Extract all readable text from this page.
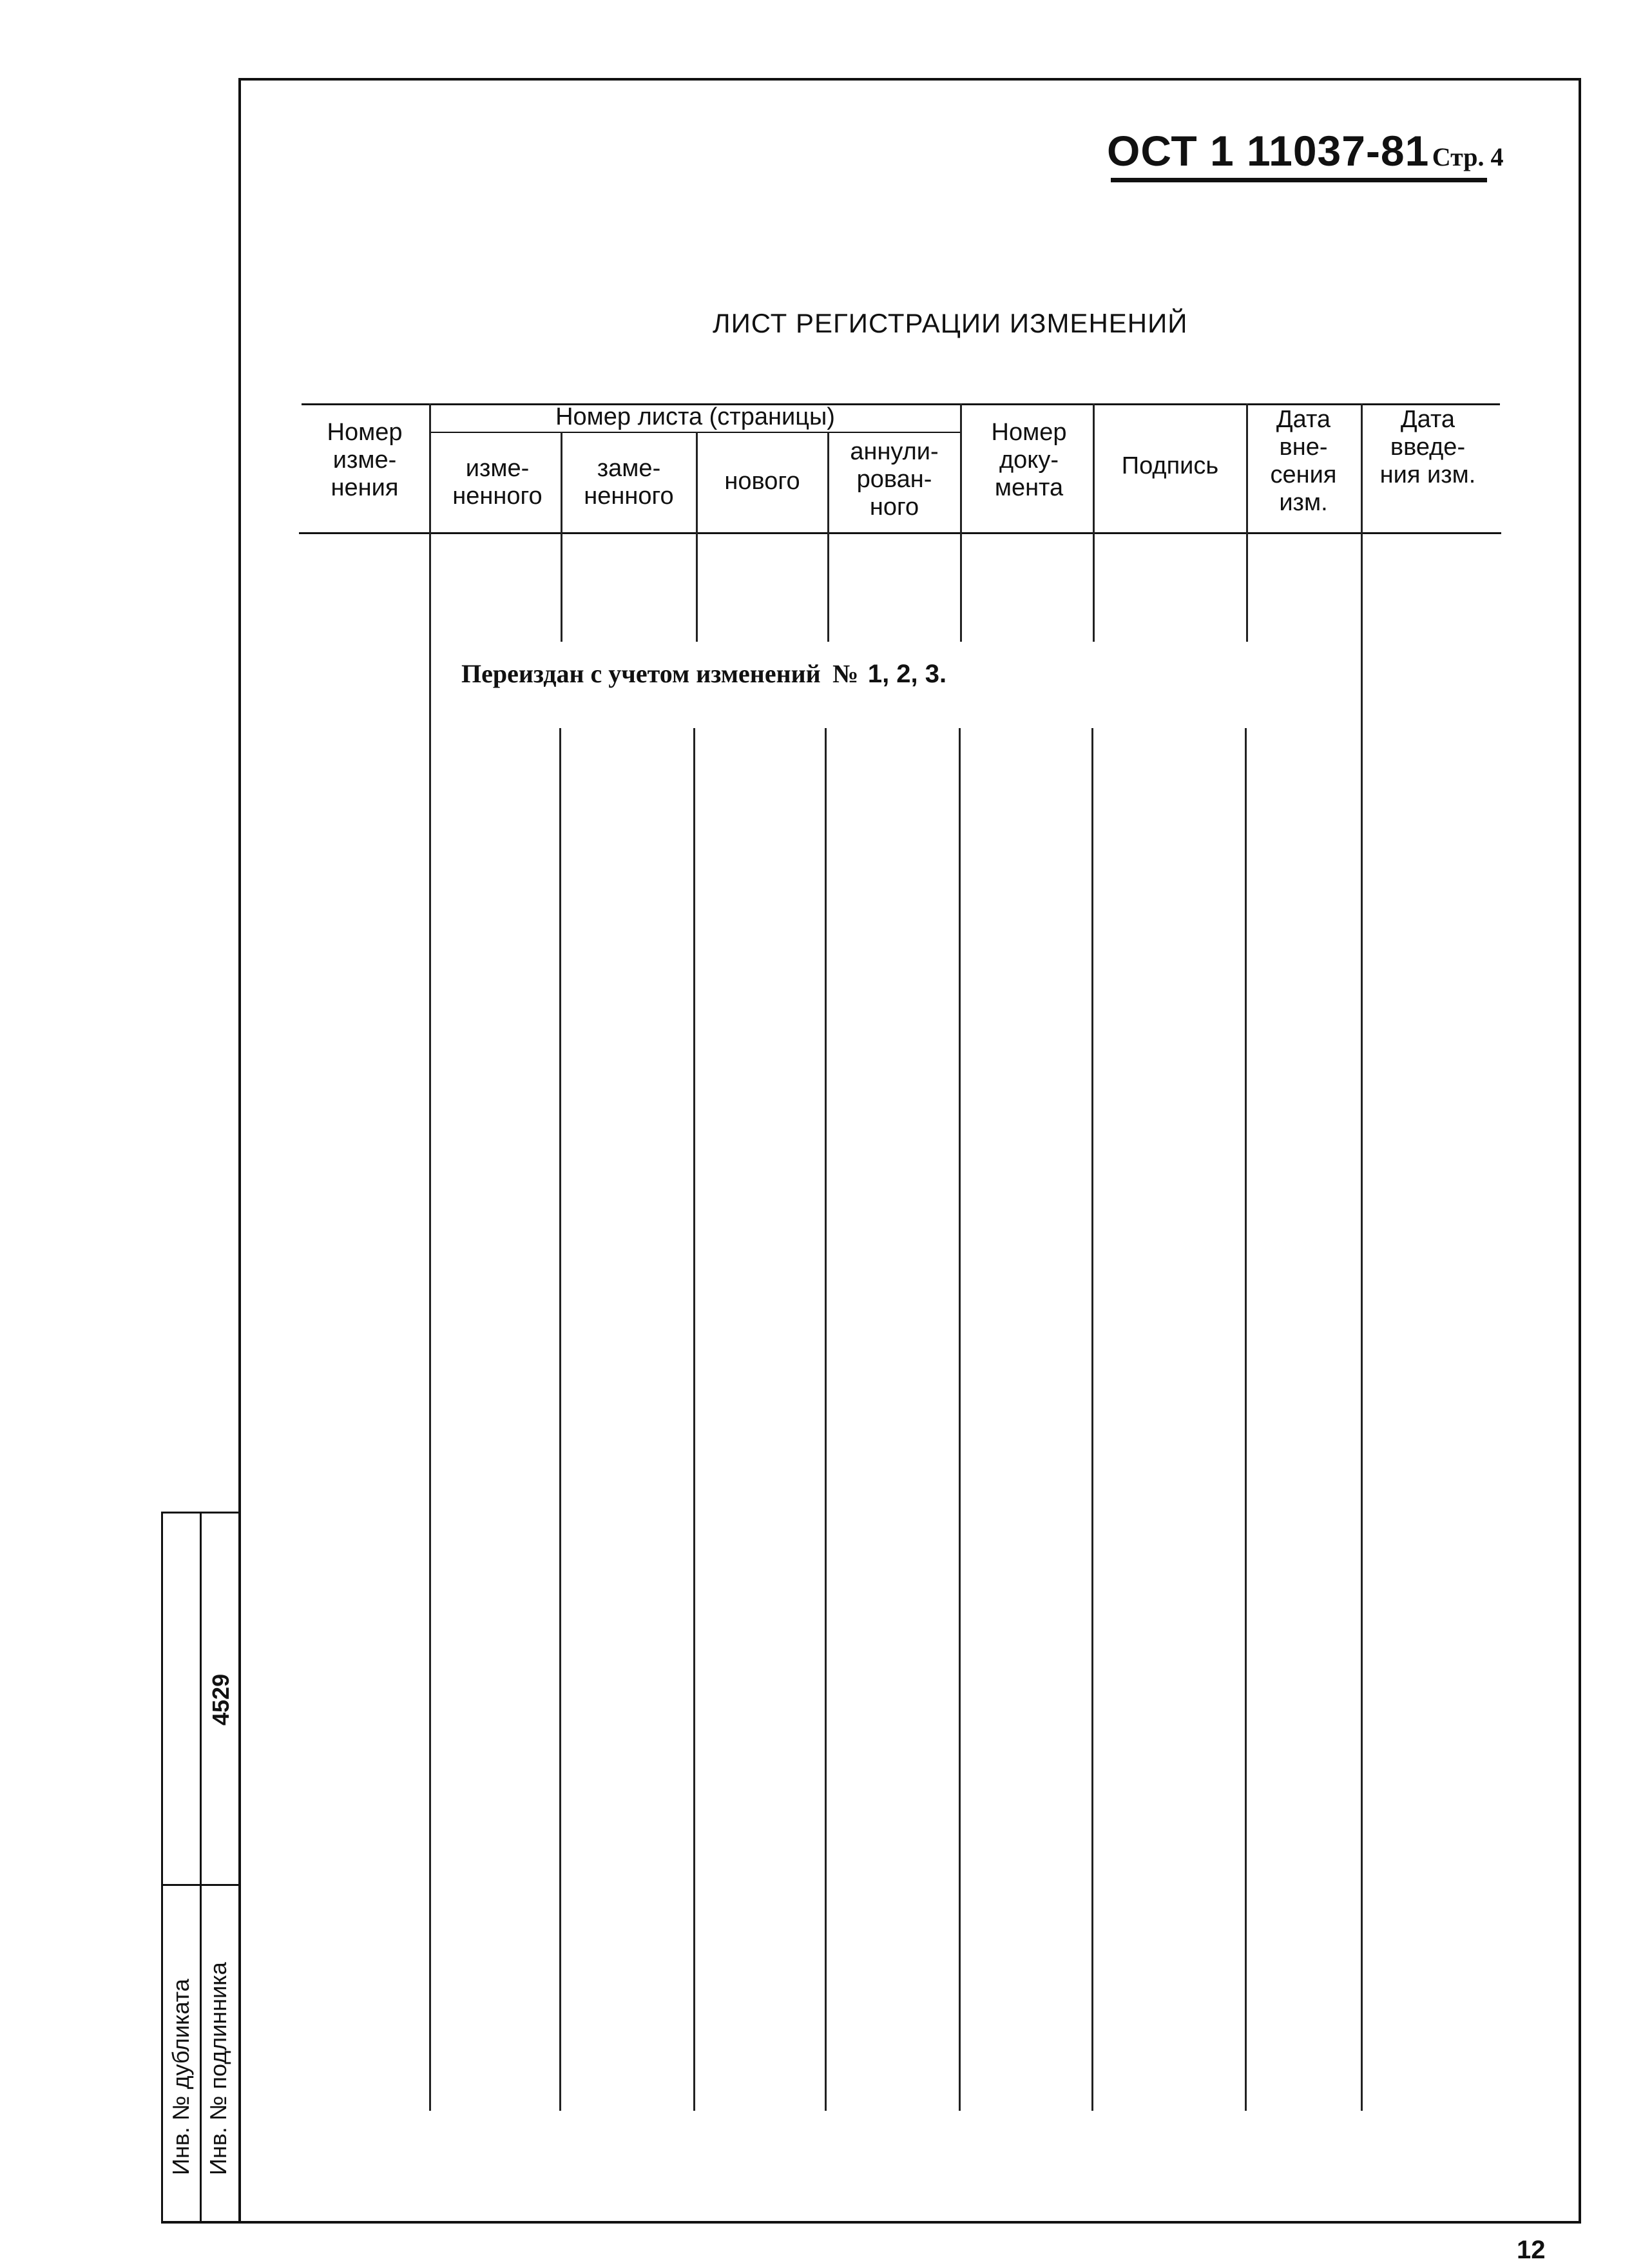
ОСТ 1 11037-81 Стр. 4
ЛИСТ РЕГИСТРАЦИИ ИЗМЕНЕНИЙ
Номер изме- нения
Номер листа (страницы)
изме- ненного
заме- ненного
нового
аннули- рован- ного
Номер доку- мента
Подпись
Дата вне- сения изм.
Дата введе- ния изм.
Переиздан с учетом изменений № 1, 2, 3.
Инв. № дубликата Инв. № подлинника
4529
12
